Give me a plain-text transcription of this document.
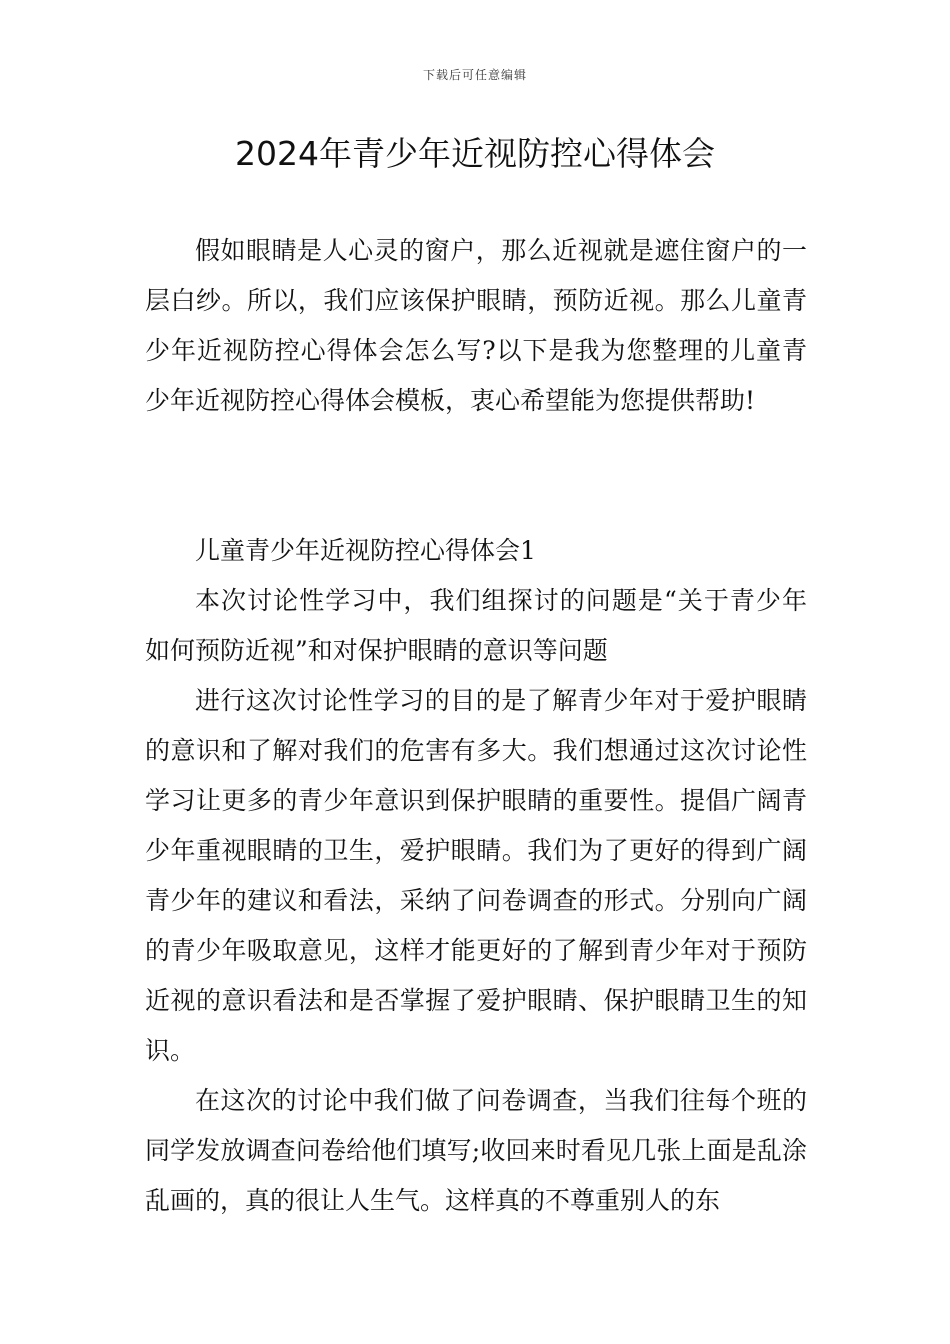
下载后可任意编辑
2024年青少年近视防控心得体会

假如眼睛是人心灵的窗户，那么近视就是遮住窗户的一层白纱。所以，我们应该保护眼睛，预防近视。那么儿童青少年近视防控心得体会怎么写?以下是我为您整理的儿童青少年近视防控心得体会模板，衷心希望能为您提供帮助!

儿童青少年近视防控心得体会1

本次讨论性学习中，我们组探讨的问题是“关于青少年如何预防近视”和对保护眼睛的意识等问题

进行这次讨论性学习的目的是了解青少年对于爱护眼睛的意识和了解对我们的危害有多大。我们想通过这次讨论性学习让更多的青少年意识到保护眼睛的重要性。提倡广阔青少年重视眼睛的卫生，爱护眼睛。我们为了更好的得到广阔青少年的建议和看法，采纳了问卷调查的形式。分别向广阔的青少年吸取意见，这样才能更好的了解到青少年对于预防近视的意识看法和是否掌握了爱护眼睛、保护眼睛卫生的知识。

在这次的讨论中我们做了问卷调查，当我们往每个班的同学发放调查问卷给他们填写;收回来时看见几张上面是乱涂乱画的，真的很让人生气。这样真的不尊重别人的东
